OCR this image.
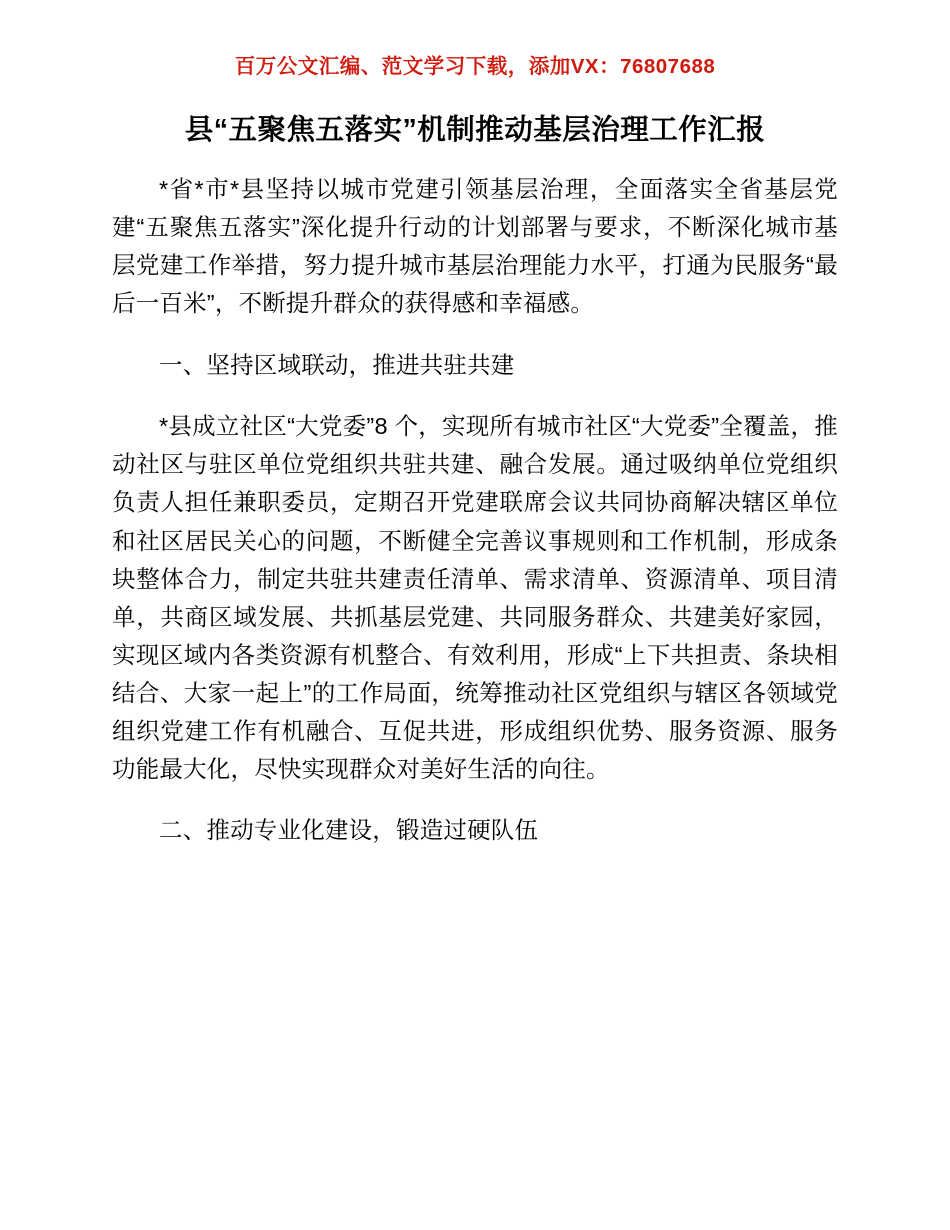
百万公文汇编、范文学习下载，添加VX：76807688
县“五聚焦五落实”机制推动基层治理工作汇报

*省*市*县坚持以城市党建引领基层治理，全面落实全省基层党建“五聚焦五落实”深化提升行动的计划部署与要求，不断深化城市基层党建工作举措，努力提升城市基层治理能力水平，打通为民服务“最后一百米”，不断提升群众的获得感和幸福感。

一、坚持区域联动，推进共驻共建

*县成立社区“大党委”8 个，实现所有城市社区“大党委”全覆盖，推动社区与驻区单位党组织共驻共建、融合发展。通过吸纳单位党组织负责人担任兼职委员，定期召开党建联席会议共同协商解决辖区单位和社区居民关心的问题，不断健全完善议事规则和工作机制，形成条块整体合力，制定共驻共建责任清单、需求清单、资源清单、项目清单，共商区域发展、共抓基层党建、共同服务群众、共建美好家园，实现区域内各类资源有机整合、有效利用，形成“上下共担责、条块相结合、大家一起上”的工作局面，统筹推动社区党组织与辖区各领域党组织党建工作有机融合、互促共进，形成组织优势、服务资源、服务功能最大化，尽快实现群众对美好生活的向往。

二、推动专业化建设，锻造过硬队伍
